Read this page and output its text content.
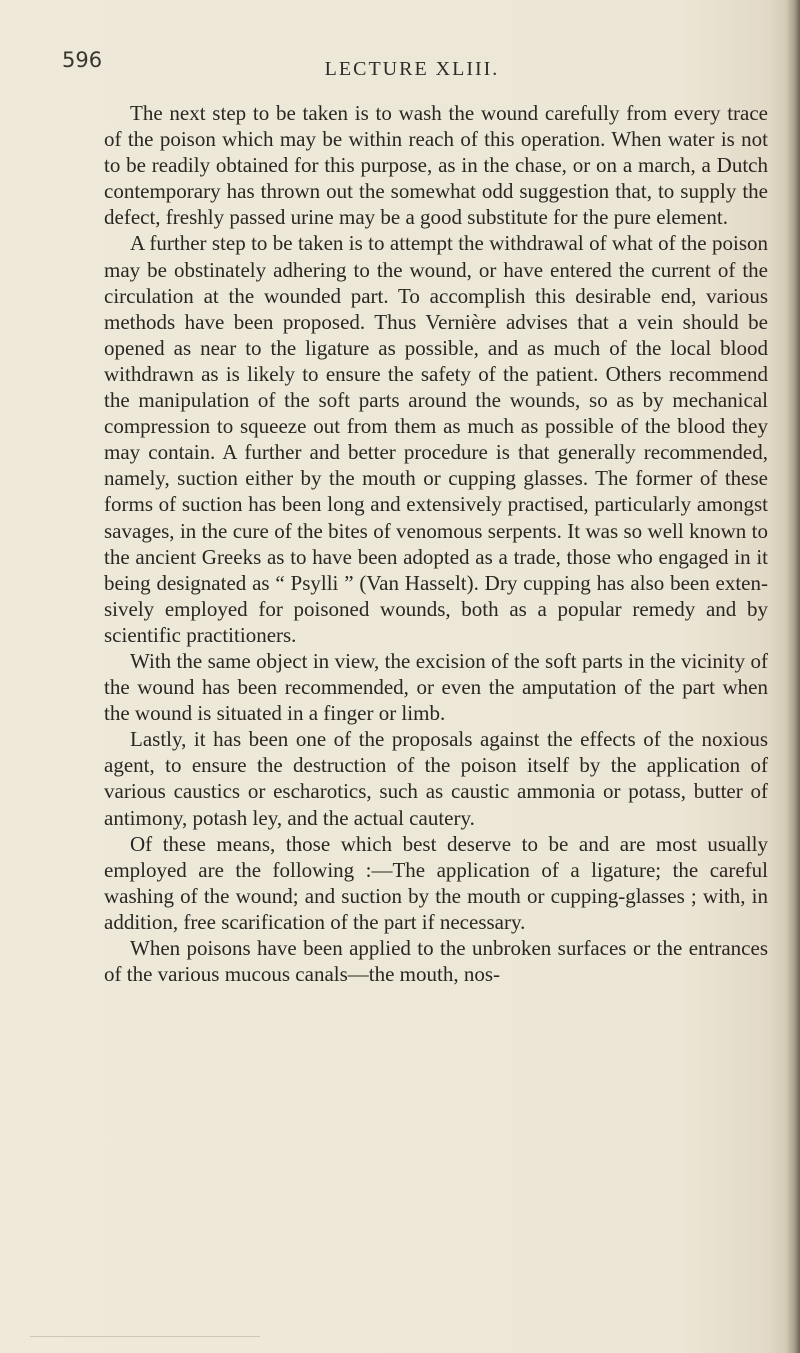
596	LECTURE XLIII.

The next step to be taken is to wash the wound carefully from every trace of the poison which may be within reach of this operation. When water is not to be readily obtained for this purpose, as in the chase, or on a march, a Dutch contemporary has thrown out the somewhat odd suggestion that, to supply the defect, freshly passed urine may be a good substitute for the pure element.

A further step to be taken is to attempt the withdrawal of what of the poison may be obstinately adhering to the wound, or have entered the current of the circulation at the wounded part. To accomplish this desirable end, various methods have been proposed. Thus Vernière advises that a vein should be opened as near to the ligature as possible, and as much of the local blood withdrawn as is likely to ensure the safety of the patient. Others recommend the manipulation of the soft parts around the wounds, so as by mechanical compression to squeeze out from them as much as possible of the blood they may contain. A further and better procedure is that generally recommended, namely, suction either by the mouth or cupping glasses. The former of these forms of suction has been long and extensively practised, particularly amongst savages, in the cure of the bites of venomous serpents. It was so well known to the ancient Greeks as to have been adopted as a trade, those who engaged in it being designated as “ Psylli ” (Van Hasselt). Dry cupping has also been extensively employed for poisoned wounds, both as a popular remedy and by scientific practitioners.

With the same object in view, the excision of the soft parts in the vicinity of the wound has been recommended, or even the amputation of the part when the wound is situated in a finger or limb.

Lastly, it has been one of the proposals against the effects of the noxious agent, to ensure the destruction of the poison itself by the application of various caustics or escharotics, such as caustic ammonia or potass, butter of antimony, potash ley, and the actual cautery.

Of these means, those which best deserve to be and are most usually employed are the following :—The application of a ligature; the careful washing of the wound; and suction by the mouth or cupping-glasses ; with, in addition, free scarification of the part if necessary.

When poisons have been applied to the unbroken surfaces or the entrances of the various mucous canals—the mouth, nos-
